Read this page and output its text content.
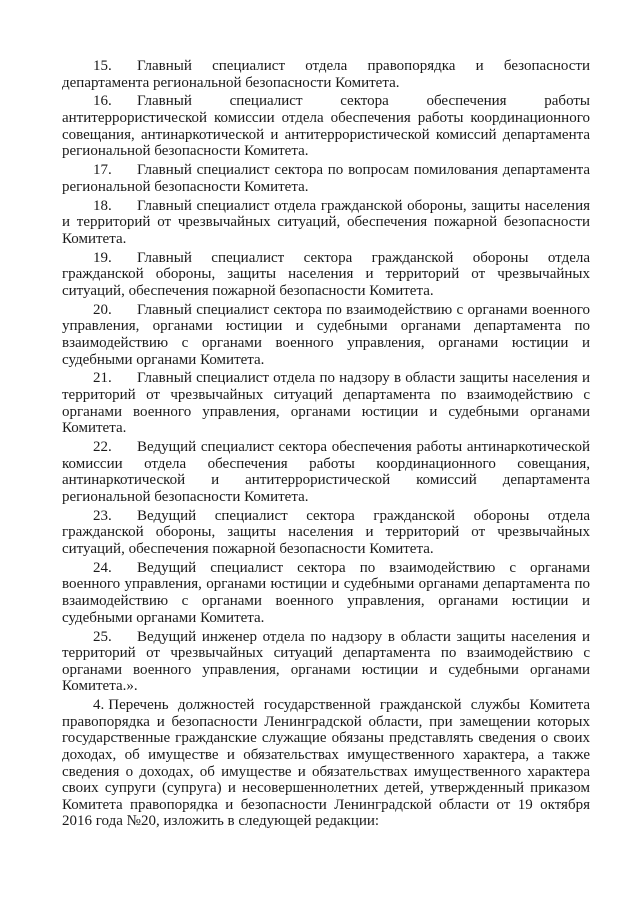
15. Главный специалист отдела правопорядка и безопасности департамента региональной безопасности Комитета.

16. Главный специалист сектора обеспечения работы антитеррористической комиссии отдела обеспечения работы координационного совещания, антинаркотической и антитеррористической комиссий департамента региональной безопасности Комитета.

17. Главный специалист сектора по вопросам помилования департамента региональной безопасности Комитета.

18. Главный специалист отдела гражданской обороны, защиты населения и территорий от чрезвычайных ситуаций, обеспечения пожарной безопасности Комитета.

19. Главный специалист сектора гражданской обороны отдела гражданской обороны, защиты населения и территорий от чрезвычайных ситуаций, обеспечения пожарной безопасности Комитета.

20. Главный специалист сектора по взаимодействию с органами военного управления, органами юстиции и судебными органами департамента по взаимодействию с органами военного управления, органами юстиции и судебными органами Комитета.

21. Главный специалист отдела по надзору в области защиты населения и территорий от чрезвычайных ситуаций департамента по взаимодействию с органами военного управления, органами юстиции и судебными органами Комитета.

22. Ведущий специалист сектора обеспечения работы антинаркотической комиссии отдела обеспечения работы координационного совещания, антинаркотической и антитеррористической комиссий департамента региональной безопасности Комитета.

23. Ведущий специалист сектора гражданской обороны отдела гражданской обороны, защиты населения и территорий от чрезвычайных ситуаций, обеспечения пожарной безопасности Комитета.

24. Ведущий специалист сектора по взаимодействию с органами военного управления, органами юстиции и судебными органами департамента по взаимодействию с органами военного управления, органами юстиции и судебными органами Комитета.

25. Ведущий инженер отдела по надзору в области защиты населения и территорий от чрезвычайных ситуаций департамента по взаимодействию с органами военного управления, органами юстиции и судебными органами Комитета.».

4. Перечень должностей государственной гражданской службы Комитета правопорядка и безопасности Ленинградской области, при замещении которых государственные гражданские служащие обязаны представлять сведения о своих доходах, об имуществе и обязательствах имущественного характера, а также сведения о доходах, об имуществе и обязательствах имущественного характера своих супруги (супруга) и несовершеннолетних детей, утвержденный приказом Комитета правопорядка и безопасности Ленинградской области от 19 октября 2016 года №20, изложить в следующей редакции:
